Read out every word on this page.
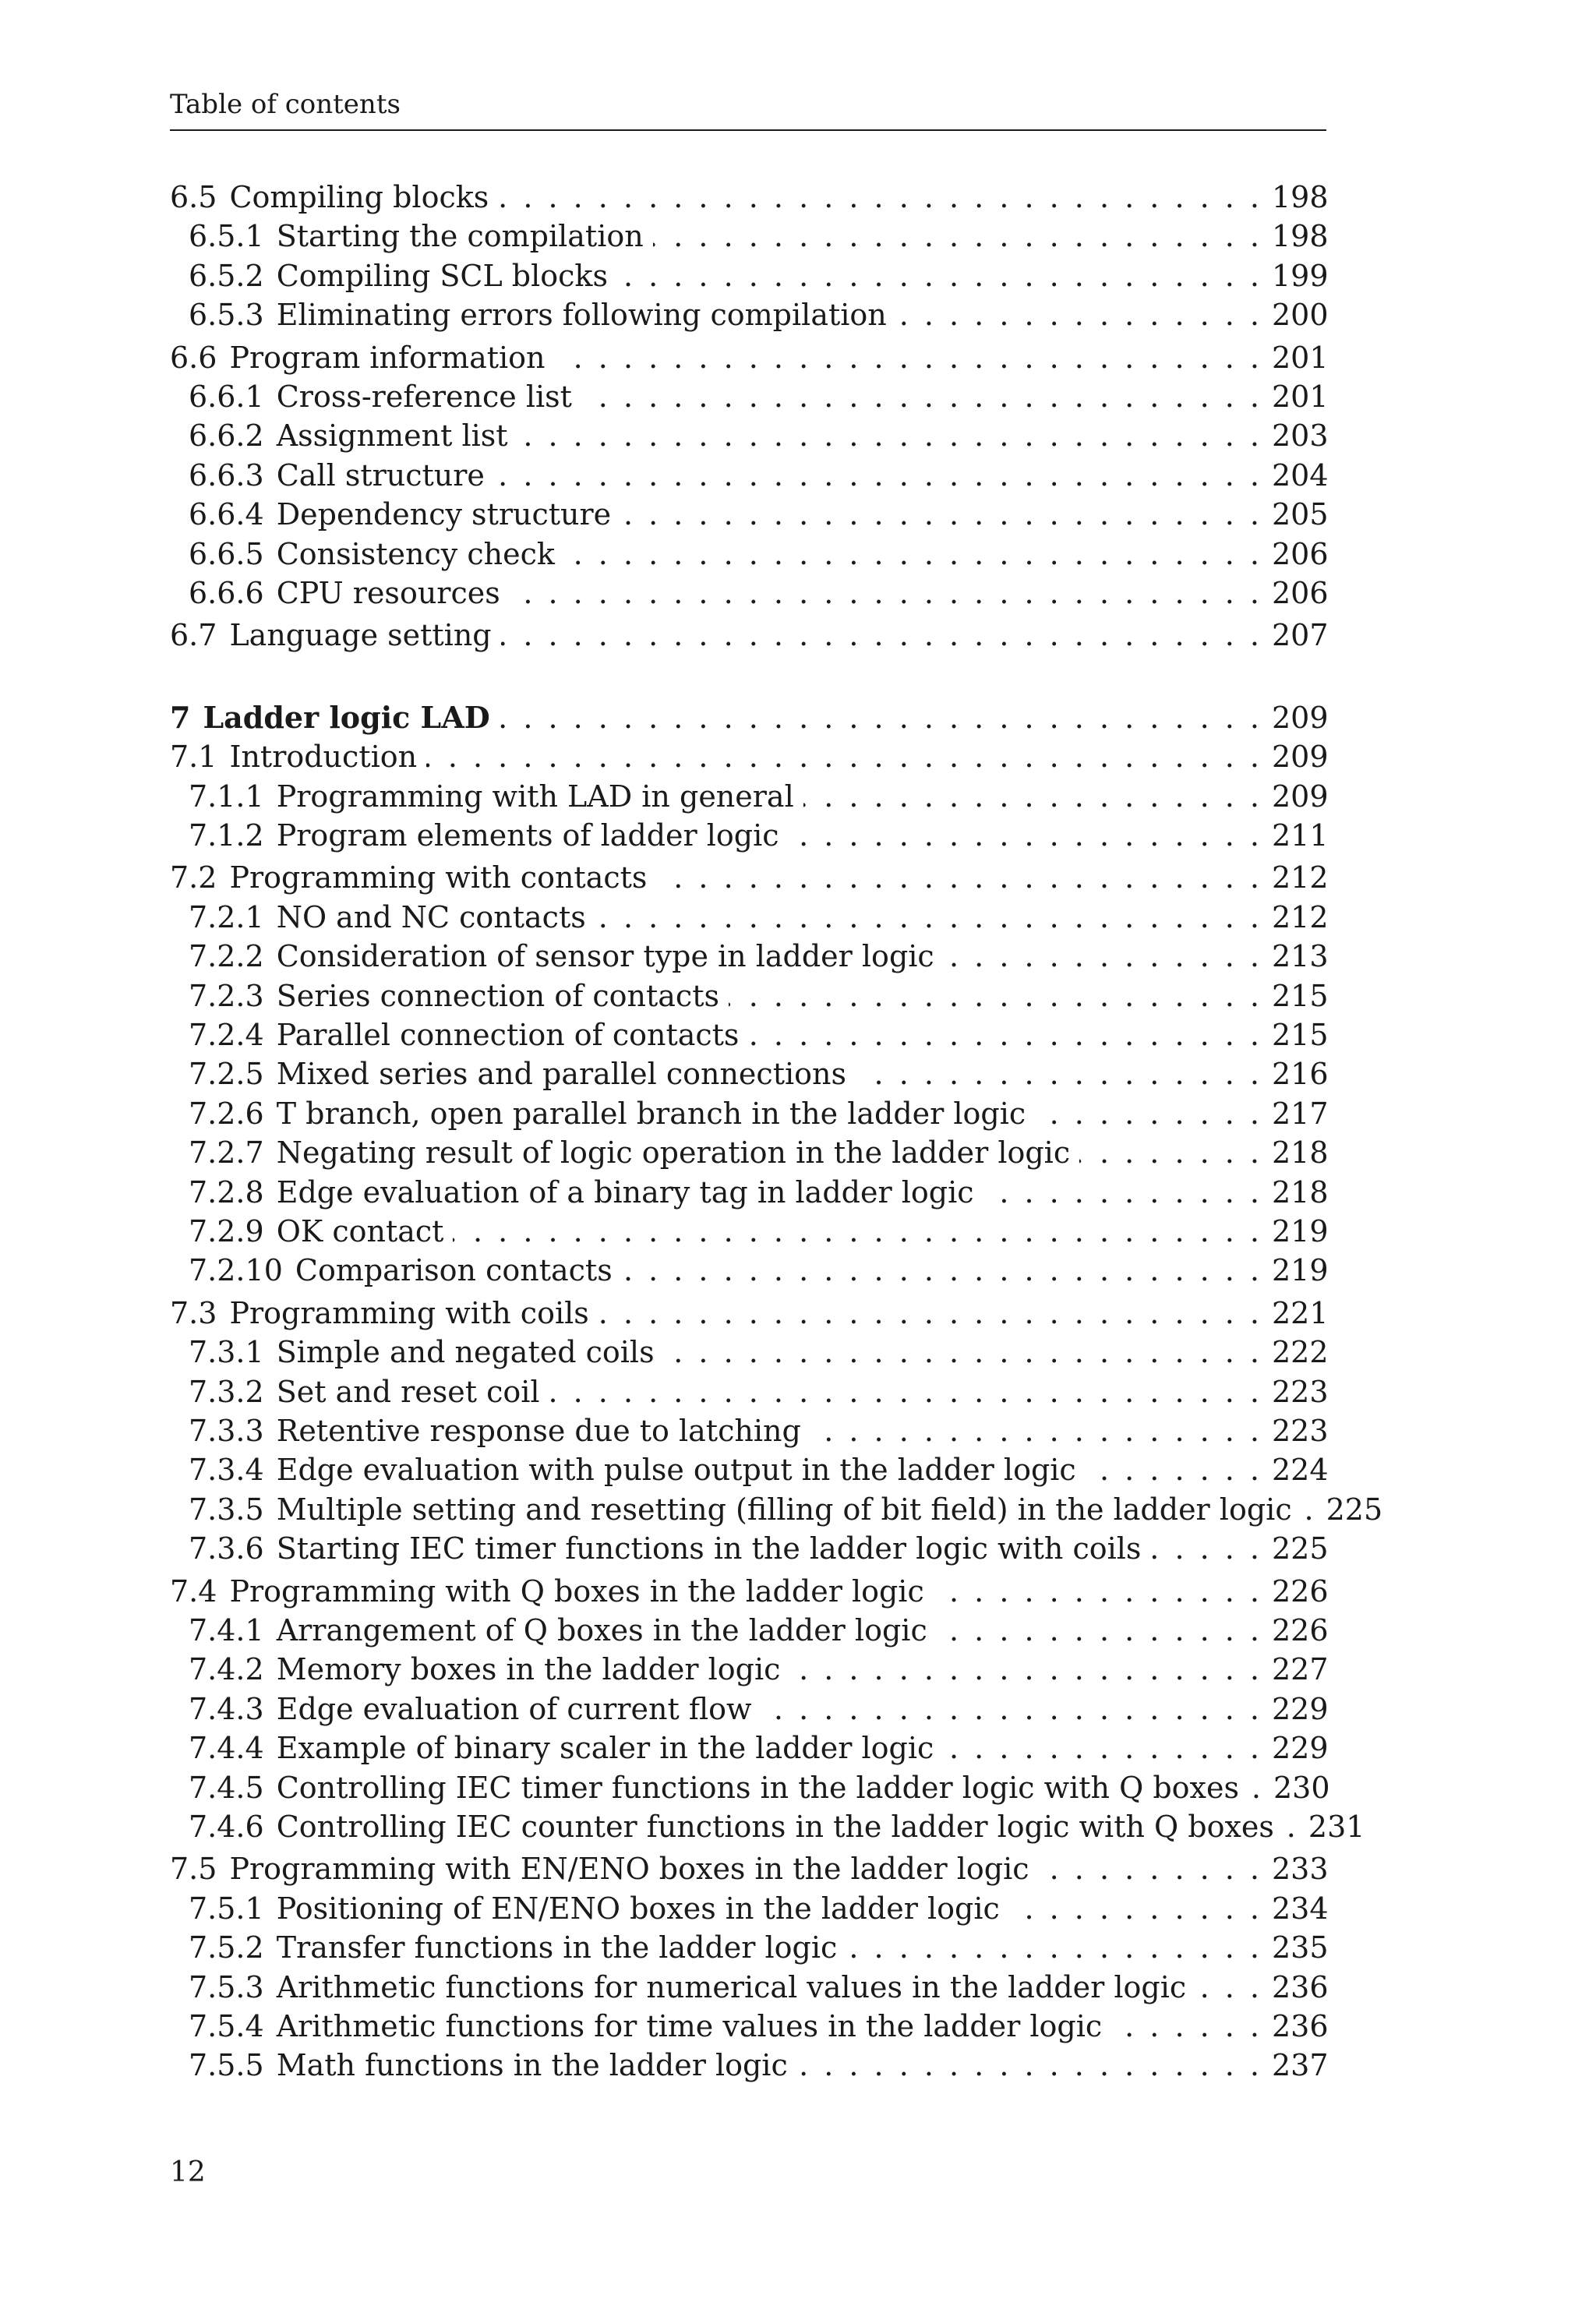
Table of contents
6.5 Compiling blocks . . .	198
6.5.1 Starting the compilation . . .	198
6.5.2 Compiling SCL blocks . . .	199
6.5.3 Eliminating errors following compilation . . .	200
6.6 Program information . . .	201
6.6.1 Cross-reference list . . .	201
6.6.2 Assignment list . . .	203
6.6.3 Call structure . . .	204
6.6.4 Dependency structure . . .	205
6.6.5 Consistency check . . .	206
6.6.6 CPU resources . . .	206
6.7 Language setting . . .	207
7 Ladder logic LAD . . .	209
7.1 Introduction . . .	209
7.1.1 Programming with LAD in general . . .	209
7.1.2 Program elements of ladder logic . . .	211
7.2 Programming with contacts . . .	212
7.2.1 NO and NC contacts . . .	212
7.2.2 Consideration of sensor type in ladder logic . . .	213
7.2.3 Series connection of contacts . . .	215
7.2.4 Parallel connection of contacts . . .	215
7.2.5 Mixed series and parallel connections . . .	216
7.2.6 T branch, open parallel branch in the ladder logic . . .	217
7.2.7 Negating result of logic operation in the ladder logic . . .	218
7.2.8 Edge evaluation of a binary tag in ladder logic . . .	218
7.2.9 OK contact . . .	219
7.2.10 Comparison contacts . . .	219
7.3 Programming with coils . . .	221
7.3.1 Simple and negated coils . . .	222
7.3.2 Set and reset coil . . .	223
7.3.3 Retentive response due to latching . . .	223
7.3.4 Edge evaluation with pulse output in the ladder logic . . .	224
7.3.5 Multiple setting and resetting (filling of bit field) in the ladder logic . . . 225
7.3.6 Starting IEC timer functions in the ladder logic with coils . . .	225
7.4 Programming with Q boxes in the ladder logic . . .	226
7.4.1 Arrangement of Q boxes in the ladder logic . . .	226
7.4.2 Memory boxes in the ladder logic . . .	227
7.4.3 Edge evaluation of current flow . . .	229
7.4.4 Example of binary scaler in the ladder logic . . .	229
7.4.5 Controlling IEC timer functions in the ladder logic with Q boxes . . . 230
7.4.6 Controlling IEC counter functions in the ladder logic with Q boxes . . . 231
7.5 Programming with EN/ENO boxes in the ladder logic . . .	233
7.5.1 Positioning of EN/ENO boxes in the ladder logic . . .	234
7.5.2 Transfer functions in the ladder logic . . .	235
7.5.3 Arithmetic functions for numerical values in the ladder logic . . .	236
7.5.4 Arithmetic functions for time values in the ladder logic . . .	236
7.5.5 Math functions in the ladder logic . . .	237
12
